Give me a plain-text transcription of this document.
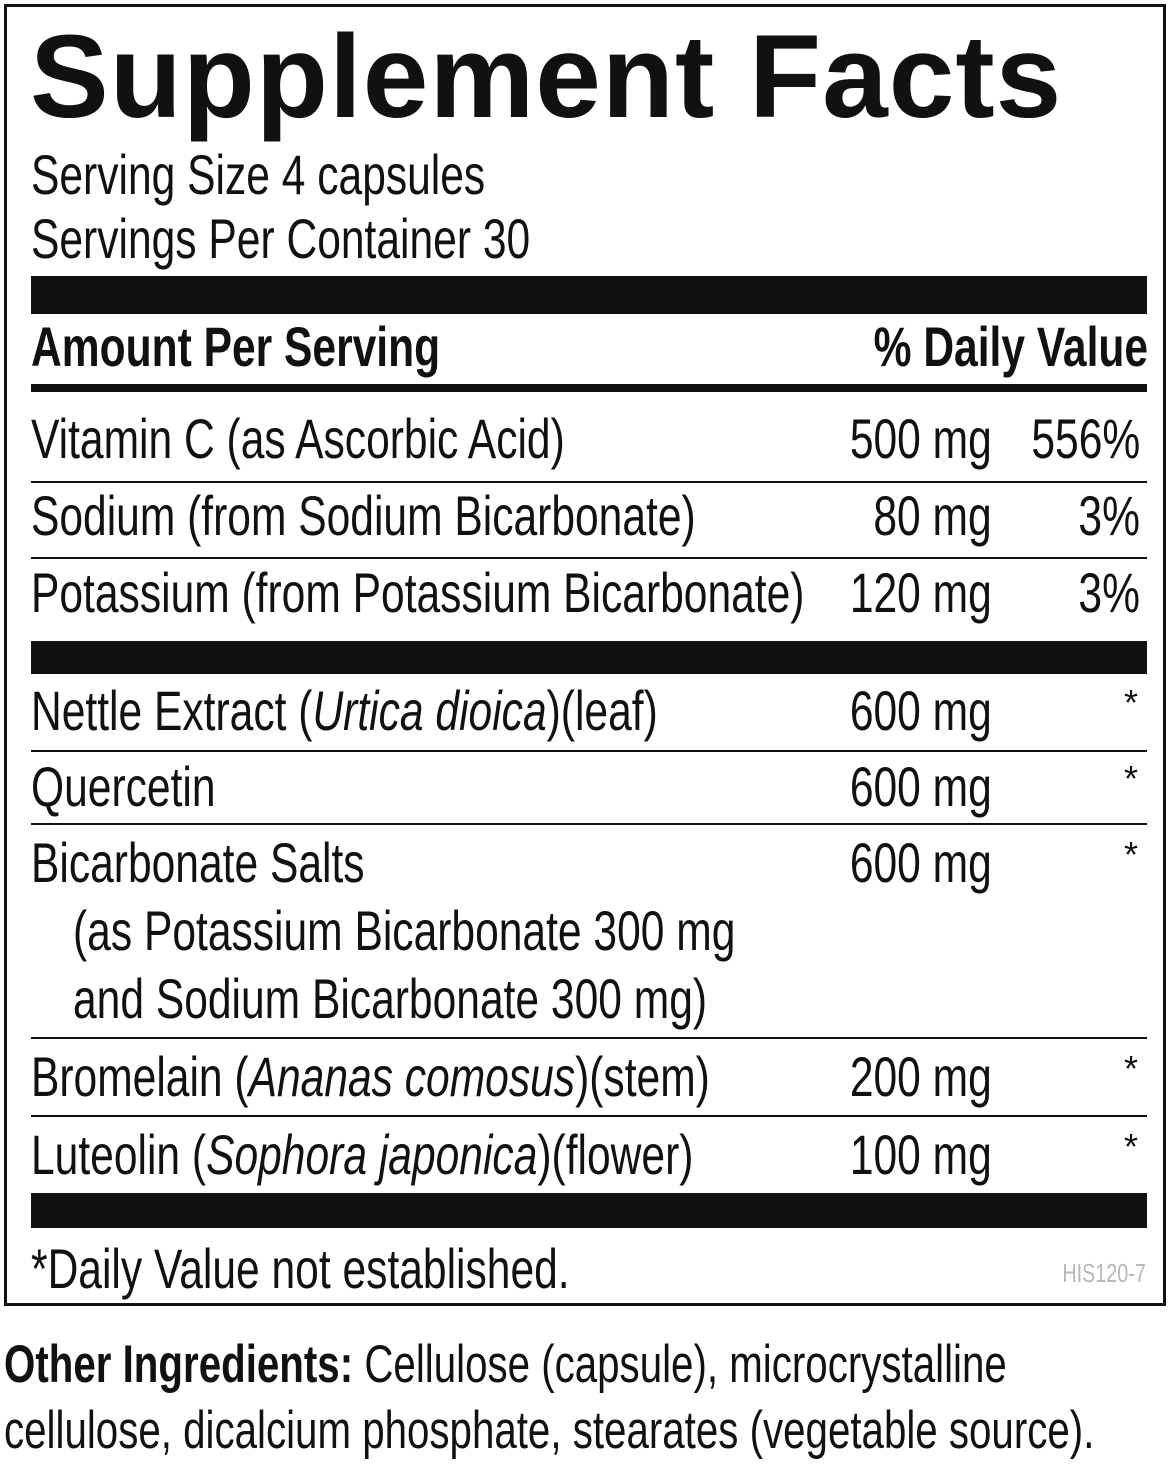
Supplement Facts
Serving Size 4 capsules
Servings Per Container 30
Amount Per Serving	% Daily Value
Vitamin C (as Ascorbic Acid)	500 mg 556%
Sodium (from Sodium Bicarbonate)	80 mg 3%
Potassium (from Potassium Bicarbonate) 120 mg 3%
Nettle Extract (Urtica dioica)(leaf)	600 mg	*
Quercetin	600 mg	*
Bicarbonate Salts	600 mg	*
(as Potassium Bicarbonate 300 mg
and Sodium Bicarbonate 300 mg)
Bromelain (Ananas comosus)(stem)	200 mg	*
Luteolin (Sophora japonica)(flower)	100 mg	*
*Daily Value not established.	HIS120-7
Other Ingredients: Cellulose (capsule), microcrystalline
cellulose, dicalcium phosphate, stearates (vegetable source).
